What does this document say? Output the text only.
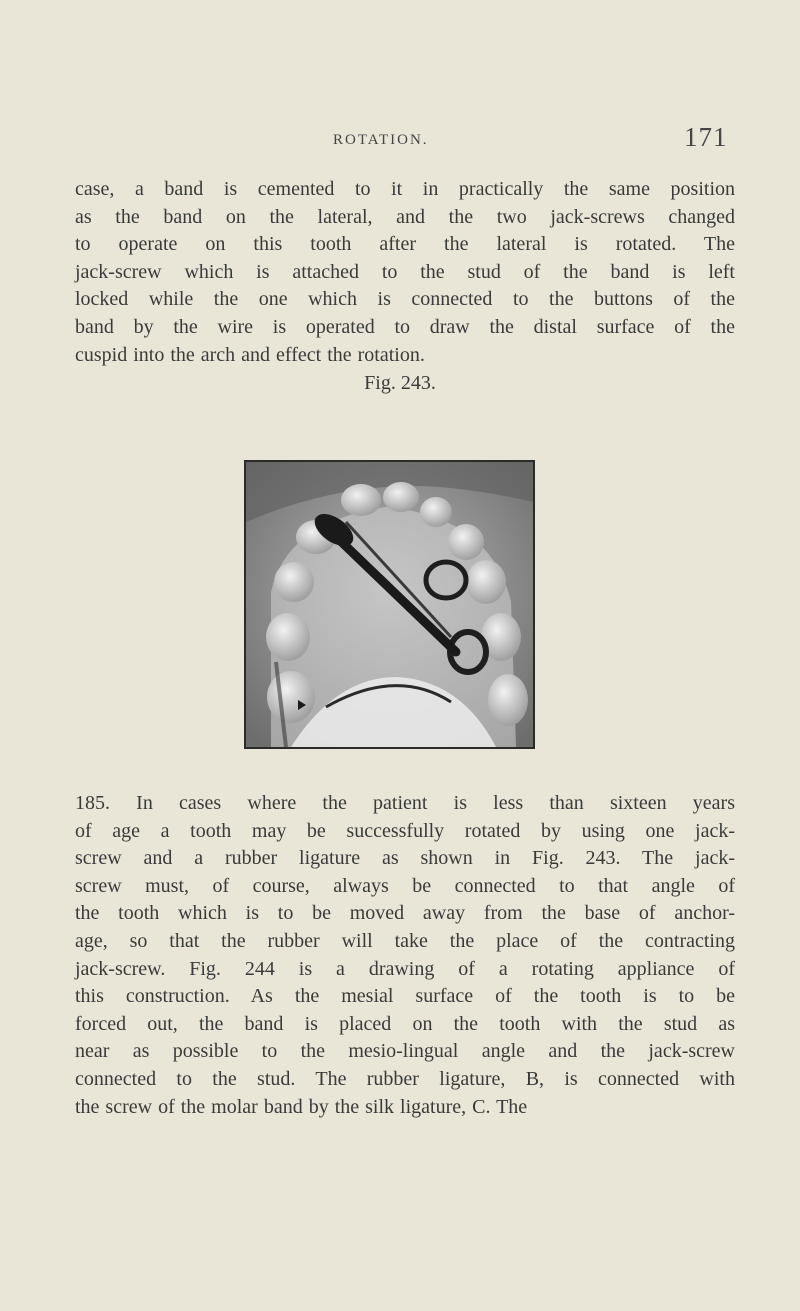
ROTATION.	171
case, a band is cemented to it in practically the same position
as the band on the lateral, and the two jack-screws changed
to operate on this tooth after the lateral is rotated. The
jack-screw which is attached to the stud of the band is left
locked while the one which is connected to the buttons of the
band by the wire is operated to draw the distal surface of the
cuspid into the arch and effect the rotation.
Fig. 243.
185. In cases where the patient is less than sixteen years
of age a tooth may be successfully rotated by using one jack-
screw and a rubber ligature as shown in Fig. 243. The jack-
screw must, of course, always be connected to that angle of
the tooth which is to be moved away from the base of anchor-
age, so that the rubber will take the place of the contracting
jack-screw. Fig. 244 is a drawing of a rotating appliance of
this construction. As the mesial surface of the tooth is to be
forced out, the band is placed on the tooth with the stud as
near as possible to the mesio-lingual angle and the jack-screw
connected to the stud. The rubber ligature, B, is connected with
the screw of the molar band by the silk ligature, C. The
